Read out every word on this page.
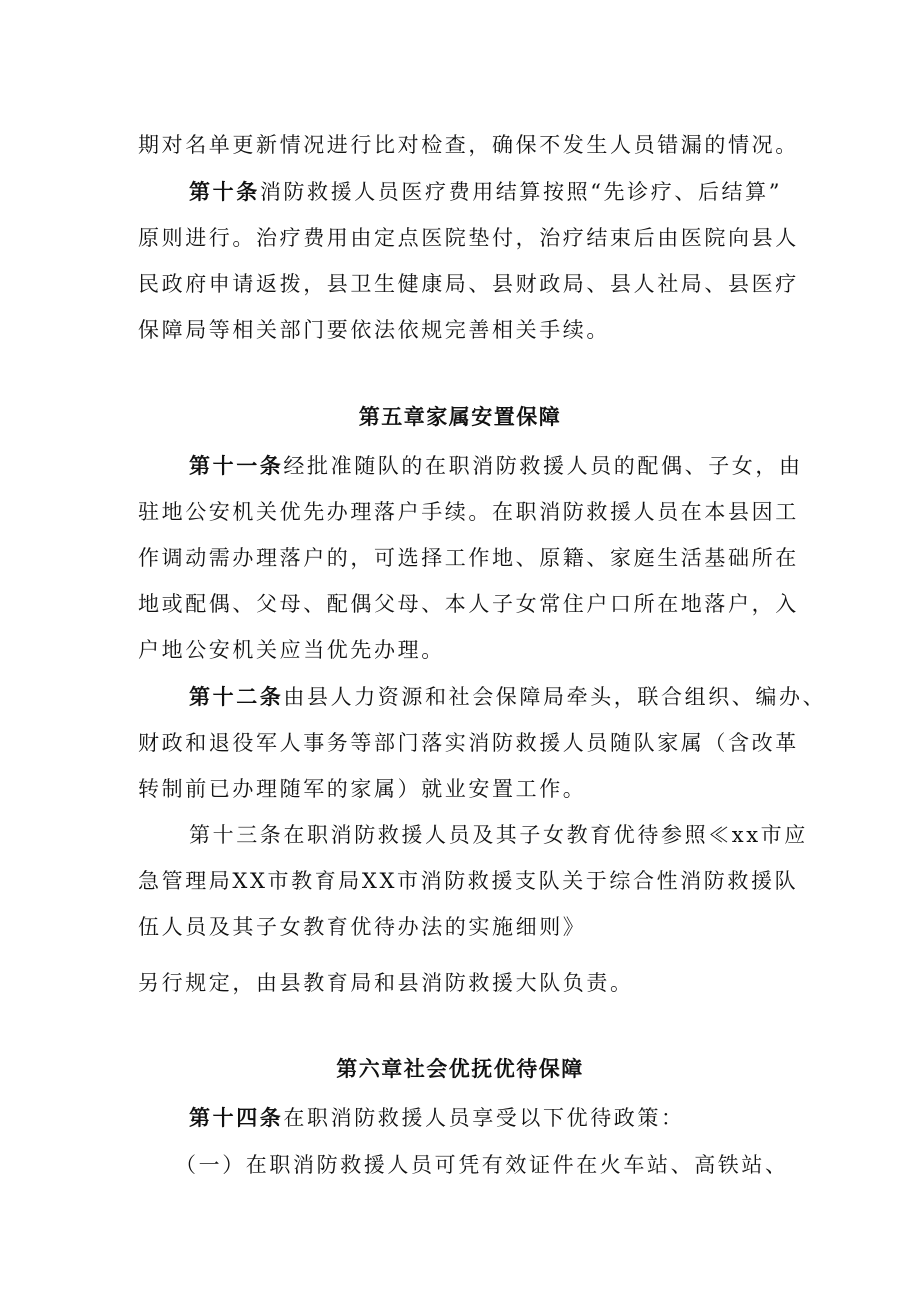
期对名单更新情况进行比对检查，确保不发生人员错漏的情况。
第十条消防救援人员医疗费用结算按照“先诊疗、后结算”
原则进行。治疗费用由定点医院垫付，治疗结束后由医院向县人
民政府申请返拨，县卫生健康局、县财政局、县人社局、县医疗
保障局等相关部门要依法依规完善相关手续。
第五章家属安置保障
第十一条经批准随队的在职消防救援人员的配偶、子女，由
驻地公安机关优先办理落户手续。在职消防救援人员在本县因工
作调动需办理落户的，可选择工作地、原籍、家庭生活基础所在
地或配偶、父母、配偶父母、本人子女常住户口所在地落户，入
户地公安机关应当优先办理。
第十二条由县人力资源和社会保障局牵头，联合组织、编办、
财政和退役军人事务等部门落实消防救援人员随队家属（含改革
转制前已办理随军的家属）就业安置工作。
第十三条在职消防救援人员及其子女教育优待参照≪xx市应
急管理局XX市教育局XX市消防救援支队关于综合性消防救援队
伍人员及其子女教育优待办法的实施细则》
另行规定，由县教育局和县消防救援大队负责。
第六章社会优抚优待保障
第十四条在职消防救援人员享受以下优待政策：
（一）在职消防救援人员可凭有效证件在火车站、高铁站、
